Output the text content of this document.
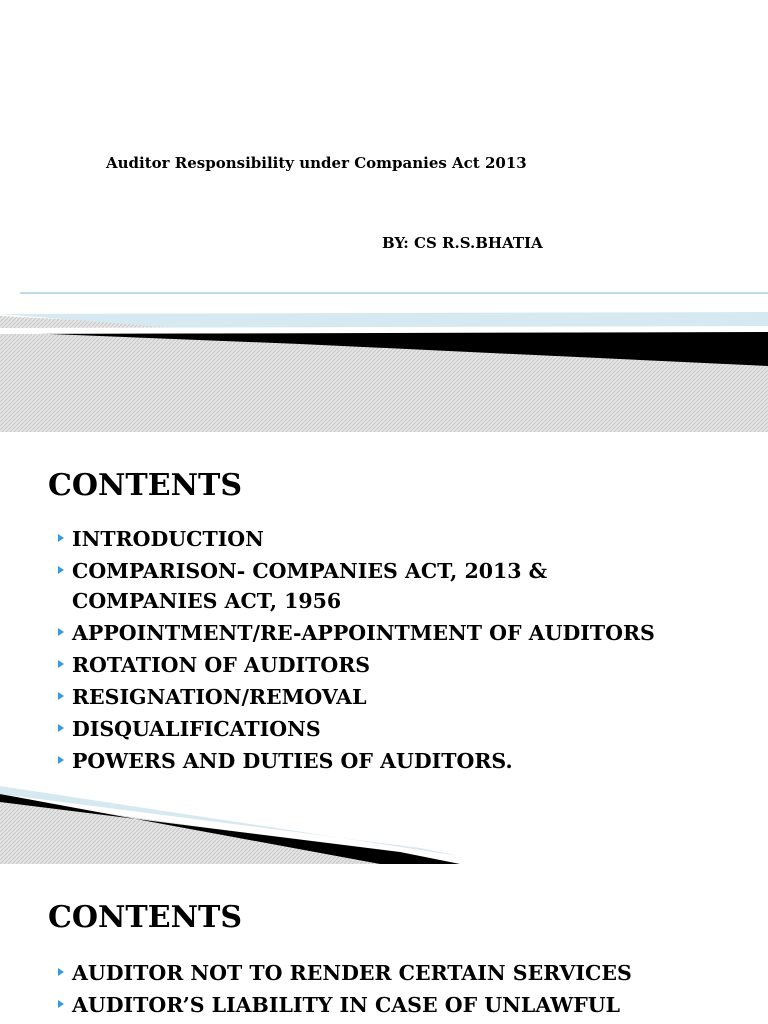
Auditor Responsibility under Companies Act 2013
BY: CS R.S.BHATIA
CONTENTS
INTRODUCTION
COMPARISON- COMPANIES ACT, 2013 &
COMPANIES ACT, 1956
APPOINTMENT/RE-APPOINTMENT OF AUDITORS
ROTATION OF AUDITORS
RESIGNATION/REMOVAL
DISQUALIFICATIONS
POWERS AND DUTIES OF AUDITORS.
CONTENTS
AUDITOR NOT TO RENDER CERTAIN SERVICES
AUDITOR’S LIABILITY IN CASE OF UNLAWFUL
